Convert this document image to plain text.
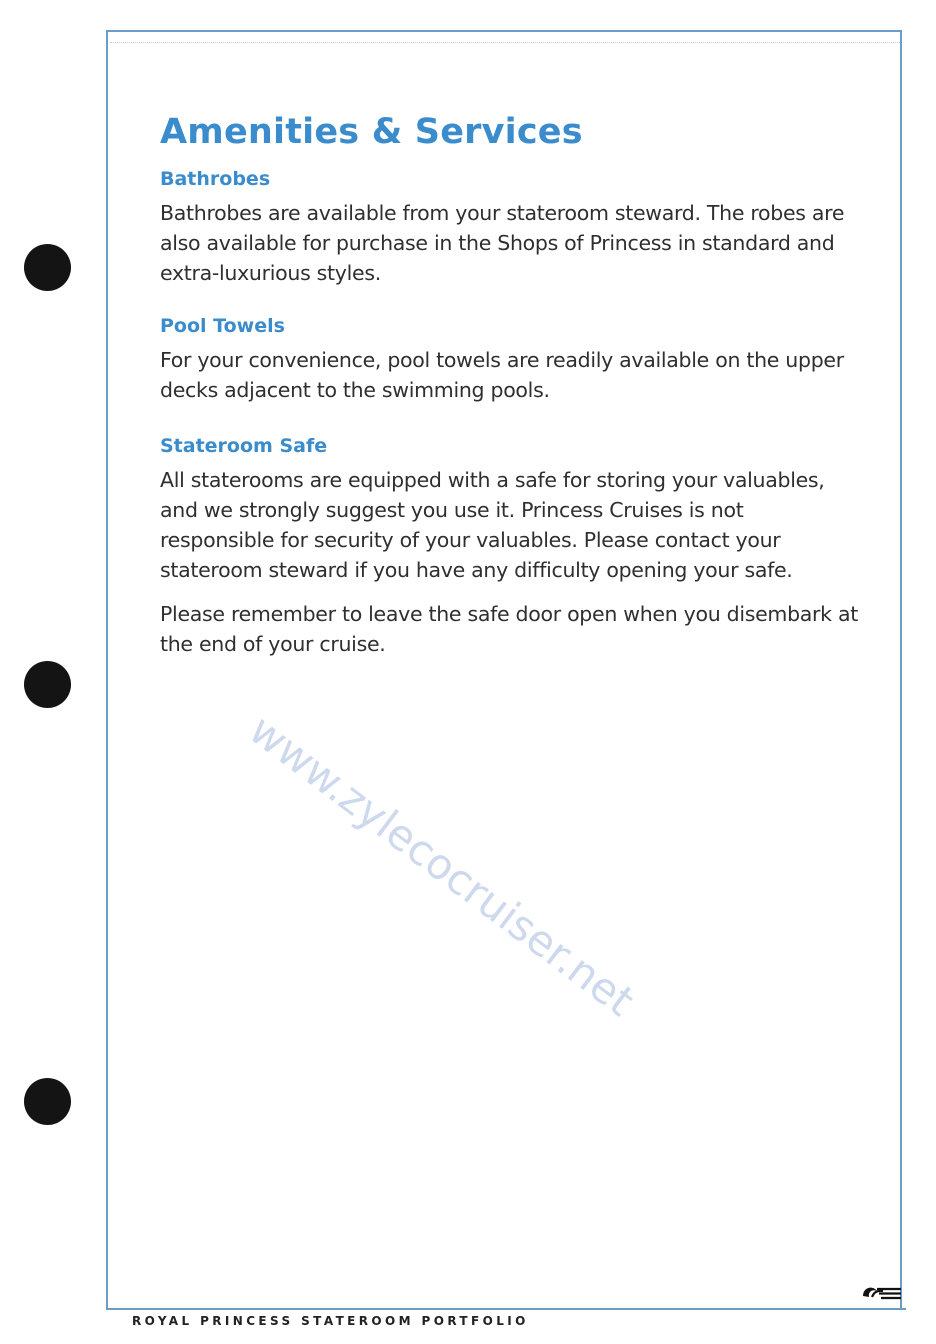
Amenities & Services
Bathrobes

Bathrobes are available from your stateroom steward. The robes are also available for purchase in the Shops of Princess in standard and extra-luxurious styles.

Pool Towels

For your convenience, pool towels are readily available on the upper decks adjacent to the swimming pools.

Stateroom Safe

All staterooms are equipped with a safe for storing your valuables, and we strongly suggest you use it. Princess Cruises is not responsible for security of your valuables. Please contact your stateroom steward if you have any difficulty opening your safe.

Please remember to leave the safe door open when you disembark at the end of your cruise.

www.zylecocruiser.net
ROYAL PRINCESS STATEROOM PORTFOLIO
